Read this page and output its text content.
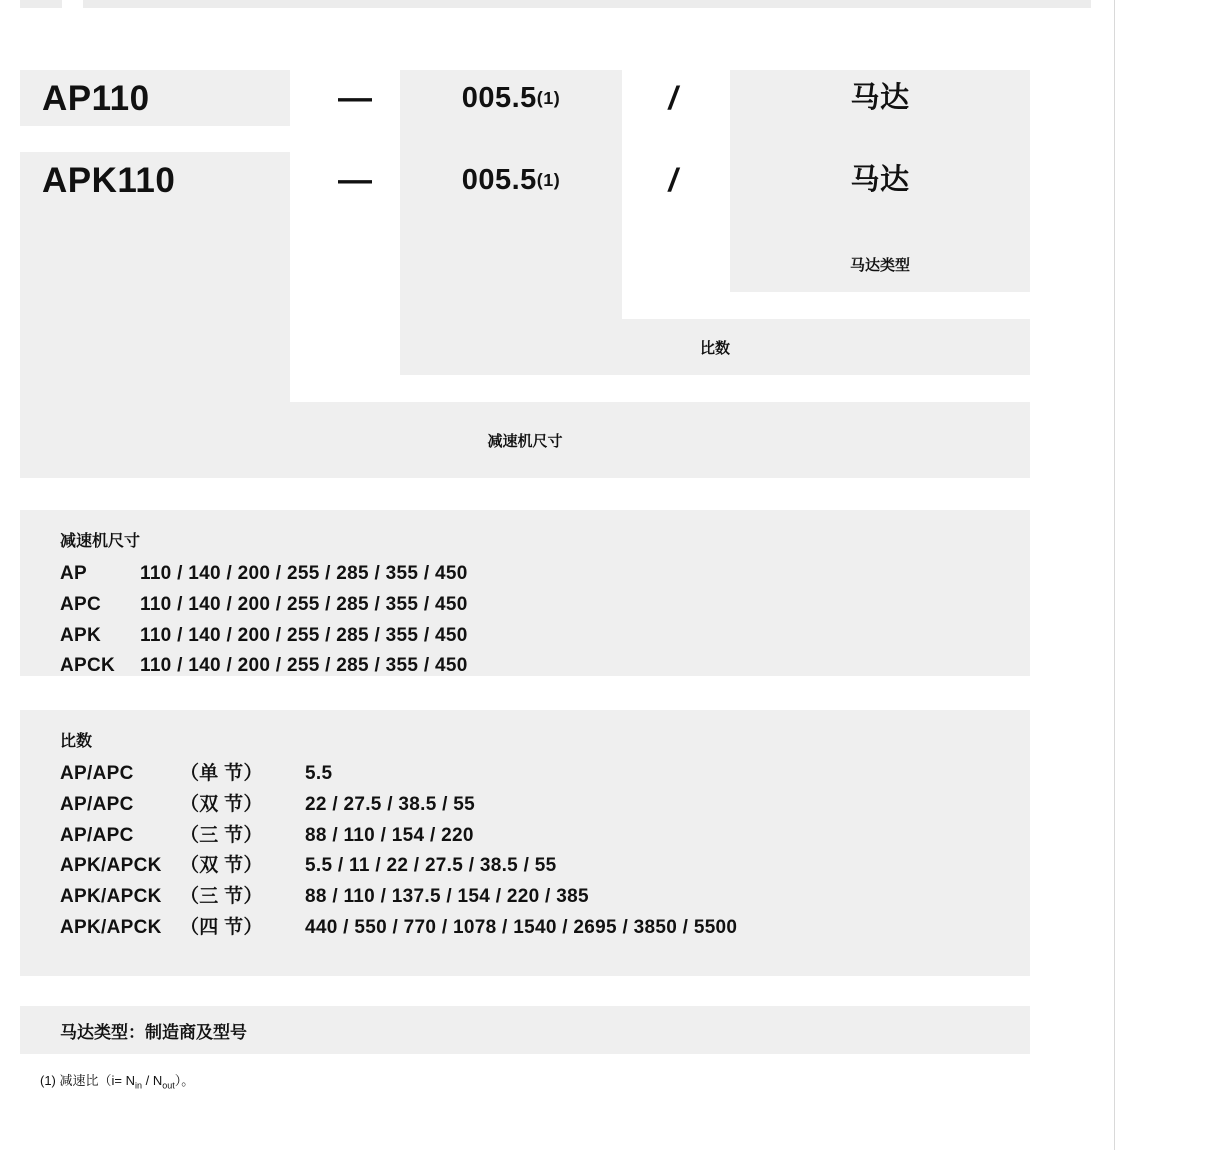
AP110	—	005.5 (1)	/	马达
APK110	—	005.5 (1)	/	马达
马达类型
比数
减速机尺寸
减速机尺寸
AP	110 / 140 / 200 / 255 / 285 / 355 / 450
APC	110 / 140 / 200 / 255 / 285 / 355 / 450
APK	110 / 140 / 200 / 255 / 285 / 355 / 450
APCK	110 / 140 / 200 / 255 / 285 / 355 / 450
比数
AP/APC	（单 节）	5.5
AP/APC	（双 节）	22 / 27.5 / 38.5 / 55
AP/APC	（三 节）	88 / 110 / 154 / 220
APK/APCK （双 节）	5.5 / 11 / 22 / 27.5 / 38.5 / 55
APK/APCK （三 节）	88 / 110 / 137.5 / 154 / 220 / 385
APK/APCK （四 节）	440 / 550 / 770 / 1078 / 1540 / 2695 / 3850 / 5500
马达类型：制造商及型号
(1) 减速比$(i= N_{in} / N_{out})$。
